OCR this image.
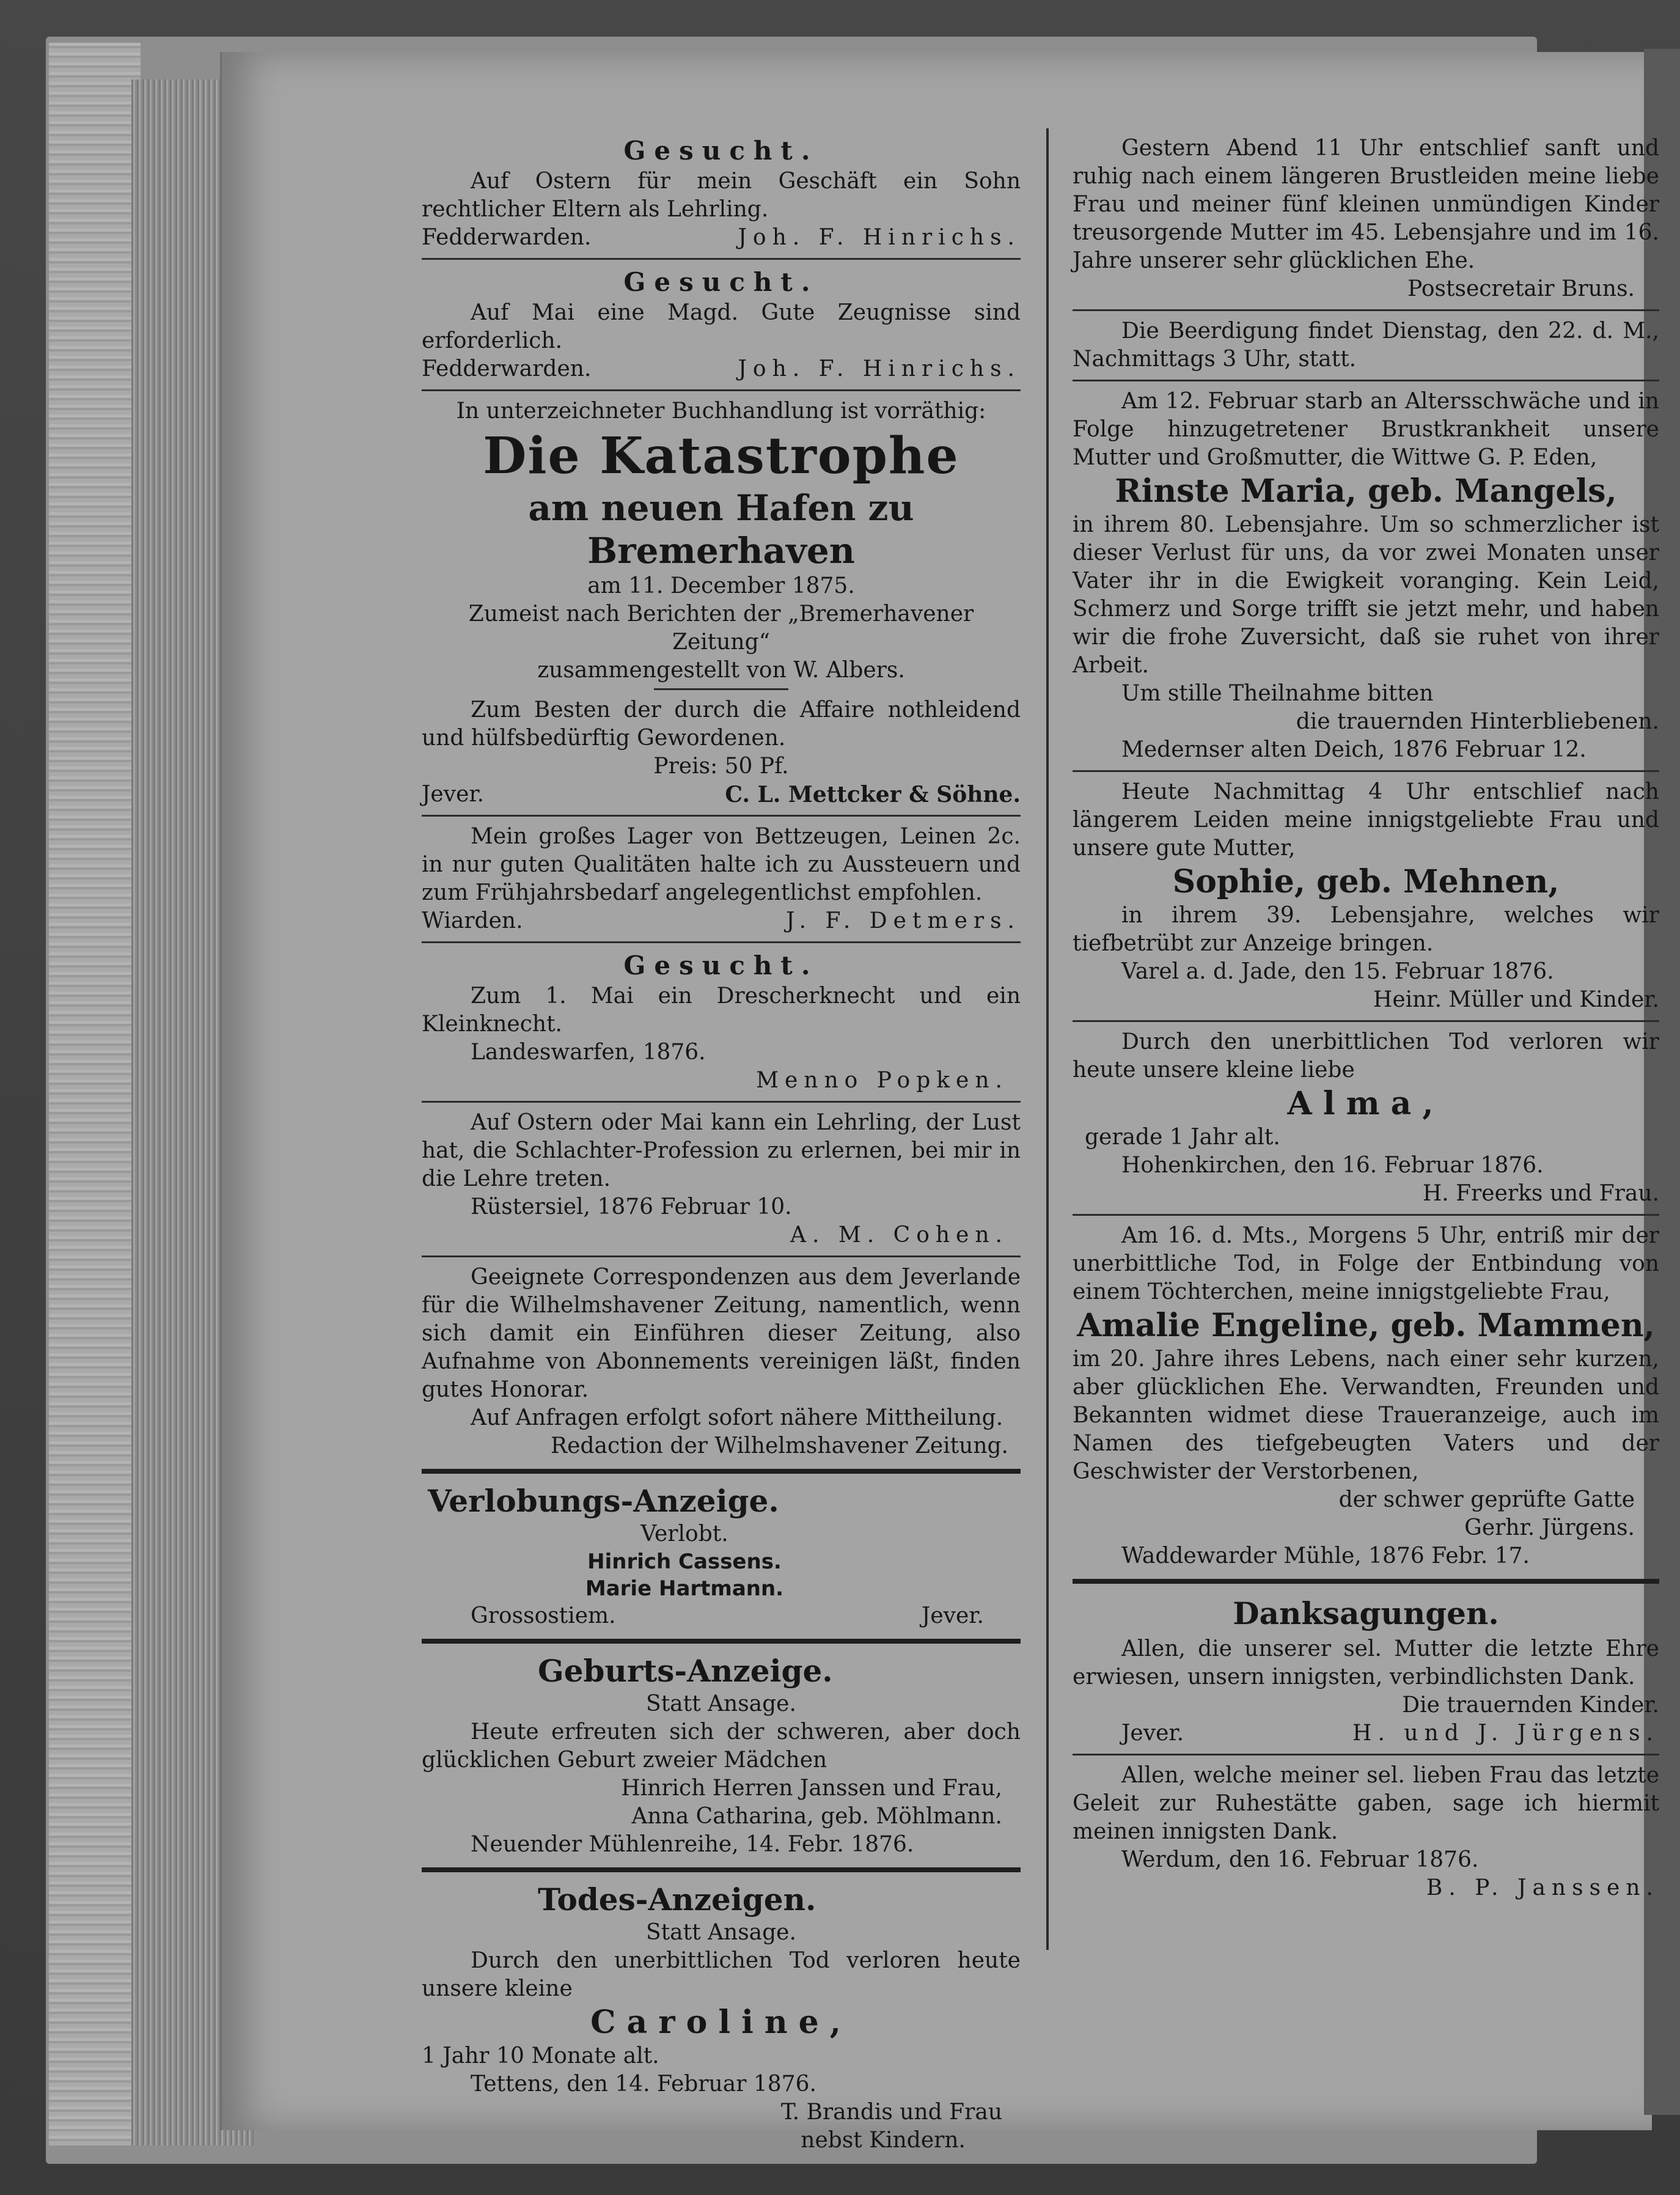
Gesucht.

Auf Ostern für mein Geschäft ein Sohn rechtlicher Eltern als Lehrling.

Fedderwarden.	Joh. F. Hinrichs.
Gesucht.

Auf Mai eine Magd. Gute Zeugnisse sind erforderlich.

Fedderwarden.	Joh. F. Hinrichs.
In unterzeichneter Buchhandlung ist vorräthig:
Die Katastrophe
am neuen Hafen zu Bremerhaven
am 11. December 1875.
Zumeist nach Berichten der „Bremerhavener Zeitung“
zusammengestellt von W. Albers.

Zum Besten der durch die Affaire nothleidend und hülfsbedürftig Gewordenen.

Preis: 50 Pf.
Jever.	C. L. Mettcker & Söhne.

Mein großes Lager von Bettzeugen, Leinen 2c. in nur guten Qualitäten halte ich zu Aussteuern und zum Frühjahrsbedarf angelegentlichst empfohlen.

Wiarden.	J. F. Detmers.
Gesucht.

Zum 1. Mai ein Drescherknecht und ein Kleinknecht.

Landeswarfen, 1876.
Menno Popken.

Auf Ostern oder Mai kann ein Lehrling, der Lust hat, die Schlachter-Profession zu erlernen, bei mir in die Lehre treten.

Rüstersiel, 1876 Februar 10.
A. M. Cohen.

Geeignete Correspondenzen aus dem Jeverlande für die Wilhelmshavener Zeitung, namentlich, wenn sich damit ein Einführen dieser Zeitung, also Aufnahme von Abonnements vereinigen läßt, finden gutes Honorar.

Auf Anfragen erfolgt sofort nähere Mittheilung.

Redaction der Wilhelmshavener Zeitung.
Verlobungs-Anzeige.
Verlobt.
Hinrich Cassens.
Marie Hartmann.
Grossostiem.	Jever.
Geburts-Anzeige.
Statt Ansage.

Heute erfreuten sich der schweren, aber doch glücklichen Geburt zweier Mädchen

Hinrich Herren Janssen und Frau,
Anna Catharina, geb. Möhlmann.
Neuender Mühlenreihe, 14. Febr. 1876.
Todes-Anzeigen.
Statt Ansage.

Durch den unerbittlichen Tod verloren heute unsere kleine

Caroline,
1 Jahr 10 Monate alt.
Tettens, den 14. Februar 1876.
T. Brandis und Frau
nebst Kindern.

Gestern Abend 11 Uhr entschlief sanft und ruhig nach einem längeren Brustleiden meine liebe Frau und meiner fünf kleinen unmündigen Kinder treusorgende Mutter im 45. Lebensjahre und im 16. Jahre unserer sehr glücklichen Ehe.

Postsecretair Bruns.

Die Beerdigung findet Dienstag, den 22. d. M., Nachmittags 3 Uhr, statt.

Am 12. Februar starb an Altersschwäche und in Folge hinzugetretener Brustkrankheit unsere Mutter und Großmutter, die Wittwe G. P. Eden,

Rinste Maria, geb. Mangels,

in ihrem 80. Lebensjahre. Um so schmerzlicher ist dieser Verlust für uns, da vor zwei Monaten unser Vater ihr in die Ewigkeit voranging. Kein Leid, Schmerz und Sorge trifft sie jetzt mehr, und haben wir die frohe Zuversicht, daß sie ruhet von ihrer Arbeit.

Um stille Theilnahme bitten
die trauernden Hinterbliebenen.
Medernser alten Deich, 1876 Februar 12.

Heute Nachmittag 4 Uhr entschlief nach längerem Leiden meine innigstgeliebte Frau und unsere gute Mutter,

Sophie, geb. Mehnen,

in ihrem 39. Lebensjahre, welches wir tiefbetrübt zur Anzeige bringen.

Varel a. d. Jade, den 15. Februar 1876.
Heinr. Müller und Kinder.

Durch den unerbittlichen Tod verloren wir heute unsere kleine liebe

Alma,
gerade 1 Jahr alt.
Hohenkirchen, den 16. Februar 1876.
H. Freerks und Frau.

Am 16. d. Mts., Morgens 5 Uhr, entriß mir der unerbittliche Tod, in Folge der Entbindung von einem Töchterchen, meine innigstgeliebte Frau,

Amalie Engeline, geb. Mammen,

im 20. Jahre ihres Lebens, nach einer sehr kurzen, aber glücklichen Ehe. Verwandten, Freunden und Bekannten widmet diese Traueranzeige, auch im Namen des tiefgebeugten Vaters und der Geschwister der Verstorbenen,

der schwer geprüfte Gatte
Gerhr. Jürgens.
Waddewarder Mühle, 1876 Febr. 17.
Danksagungen.

Allen, die unserer sel. Mutter die letzte Ehre erwiesen, unsern innigsten, verbindlichsten Dank.

Die trauernden Kinder.
Jever.	H. und J. Jürgens.

Allen, welche meiner sel. lieben Frau das letzte Geleit zur Ruhestätte gaben, sage ich hiermit meinen innigsten Dank.

Werdum, den 16. Februar 1876.
B. P. Janssen.
